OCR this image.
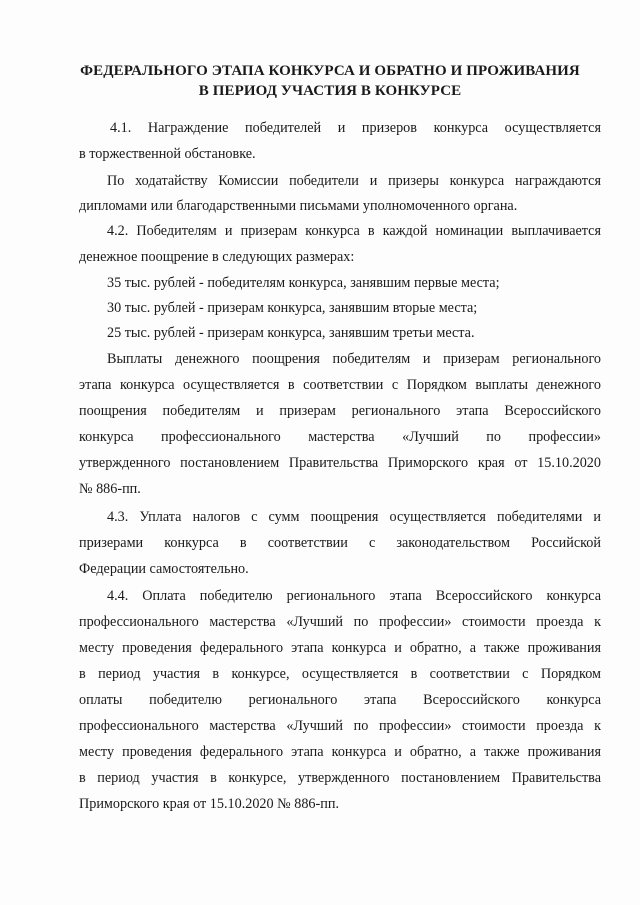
ФЕДЕРАЛЬНОГО ЭТАПА КОНКУРСА И ОБРАТНО И ПРОЖИВАНИЯ
В ПЕРИОД УЧАСТИЯ В КОНКУРСЕ
4.1. Награждение победителей и призеров конкурса осуществляется
в торжественной обстановке.
По ходатайству Комиссии победители и призеры конкурса награждаются
дипломами или благодарственными письмами уполномоченного органа.
4.2. Победителям и призерам конкурса в каждой номинации выплачивается
денежное поощрение в следующих размерах:
35 тыс. рублей - победителям конкурса, занявшим первые места;
30 тыс. рублей - призерам конкурса, занявшим вторые места;
25 тыс. рублей - призерам конкурса, занявшим третьи места.
Выплаты денежного поощрения победителям и призерам регионального
этапа конкурса осуществляется в соответствии с Порядком выплаты денежного
поощрения победителям и призерам регионального этапа Всероссийского
конкурса профессионального мастерства «Лучший по профессии»
утвержденного постановлением Правительства Приморского края от 15.10.2020
№ 886-пп.
4.3. Уплата налогов с сумм поощрения осуществляется победителями и
призерами конкурса в соответствии с законодательством Российской
Федерации самостоятельно.
4.4. Оплата победителю регионального этапа Всероссийского конкурса
профессионального мастерства «Лучший по профессии» стоимости проезда к
месту проведения федерального этапа конкурса и обратно, а также проживания
в период участия в конкурсе, осуществляется в соответствии с Порядком
оплаты победителю регионального этапа Всероссийского конкурса
профессионального мастерства «Лучший по профессии» стоимости проезда к
месту проведения федерального этапа конкурса и обратно, а также проживания
в период участия в конкурсе, утвержденного постановлением Правительства
Приморского края от 15.10.2020 № 886-пп.
